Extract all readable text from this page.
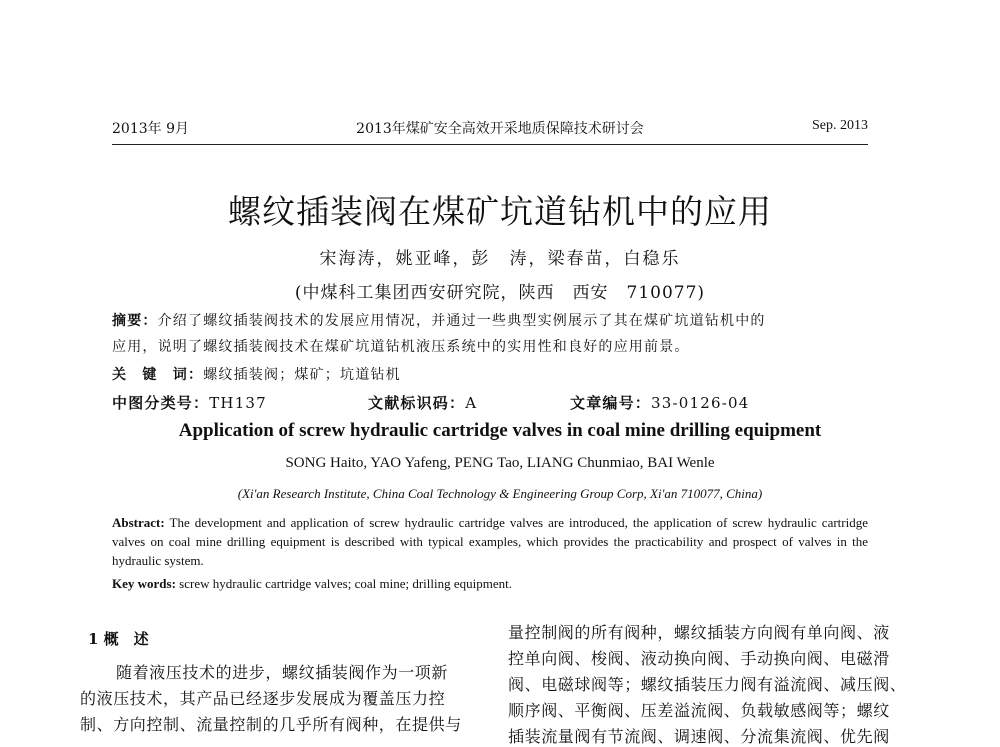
2013年 9月	2013年煤矿安全高效开采地质保障技术研讨会	Sep. 2013
螺纹插装阀在煤矿坑道钻机中的应用
宋海涛，姚亚峰，彭　涛，梁春苗，白稳乐
(中煤科工集团西安研究院，陕西　西安　710077)
摘要：介绍了螺纹插装阀技术的发展应用情况，并通过一些典型实例展示了其在煤矿坑道钻机中的
应用，说明了螺纹插装阀技术在煤矿坑道钻机液压系统中的实用性和良好的应用前景。
关　键　词：螺纹插装阀；煤矿；坑道钻机
中图分类号：TH137	文献标识码：A	文章编号：33-0126-04
Application of screw hydraulic cartridge valves in coal mine drilling equipment
SONG Haito, YAO Yafeng, PENG Tao, LIANG Chunmiao, BAI Wenle
(Xi'an Research Institute, China Coal Technology & Engineering Group Corp, Xi'an 710077, China)
Abstract: The development and application of screw hydraulic cartridge valves are introduced, the application of screw hydraulic cartridge valves on coal mine drilling equipment is described with typical examples, which provides the practicability and prospect of valves in the hydraulic system.
Key words: screw hydraulic cartridge valves; coal mine; drilling equipment.
1 概　述
随着液压技术的进步，螺纹插装阀作为一项新
的液压技术，其产品已经逐步发展成为覆盖压力控
制、方向控制、流量控制的几乎所有阀种，在提供与
量控制阀的所有阀种，螺纹插装方向阀有单向阀、液
控单向阀、梭阀、液动换向阀、手动换向阀、电磁滑
阀、电磁球阀等；螺纹插装压力阀有溢流阀、减压阀、
顺序阀、平衡阀、压差溢流阀、负载敏感阀等；螺纹
插装流量阀有节流阀、调速阀、分流集流阀、优先阀
